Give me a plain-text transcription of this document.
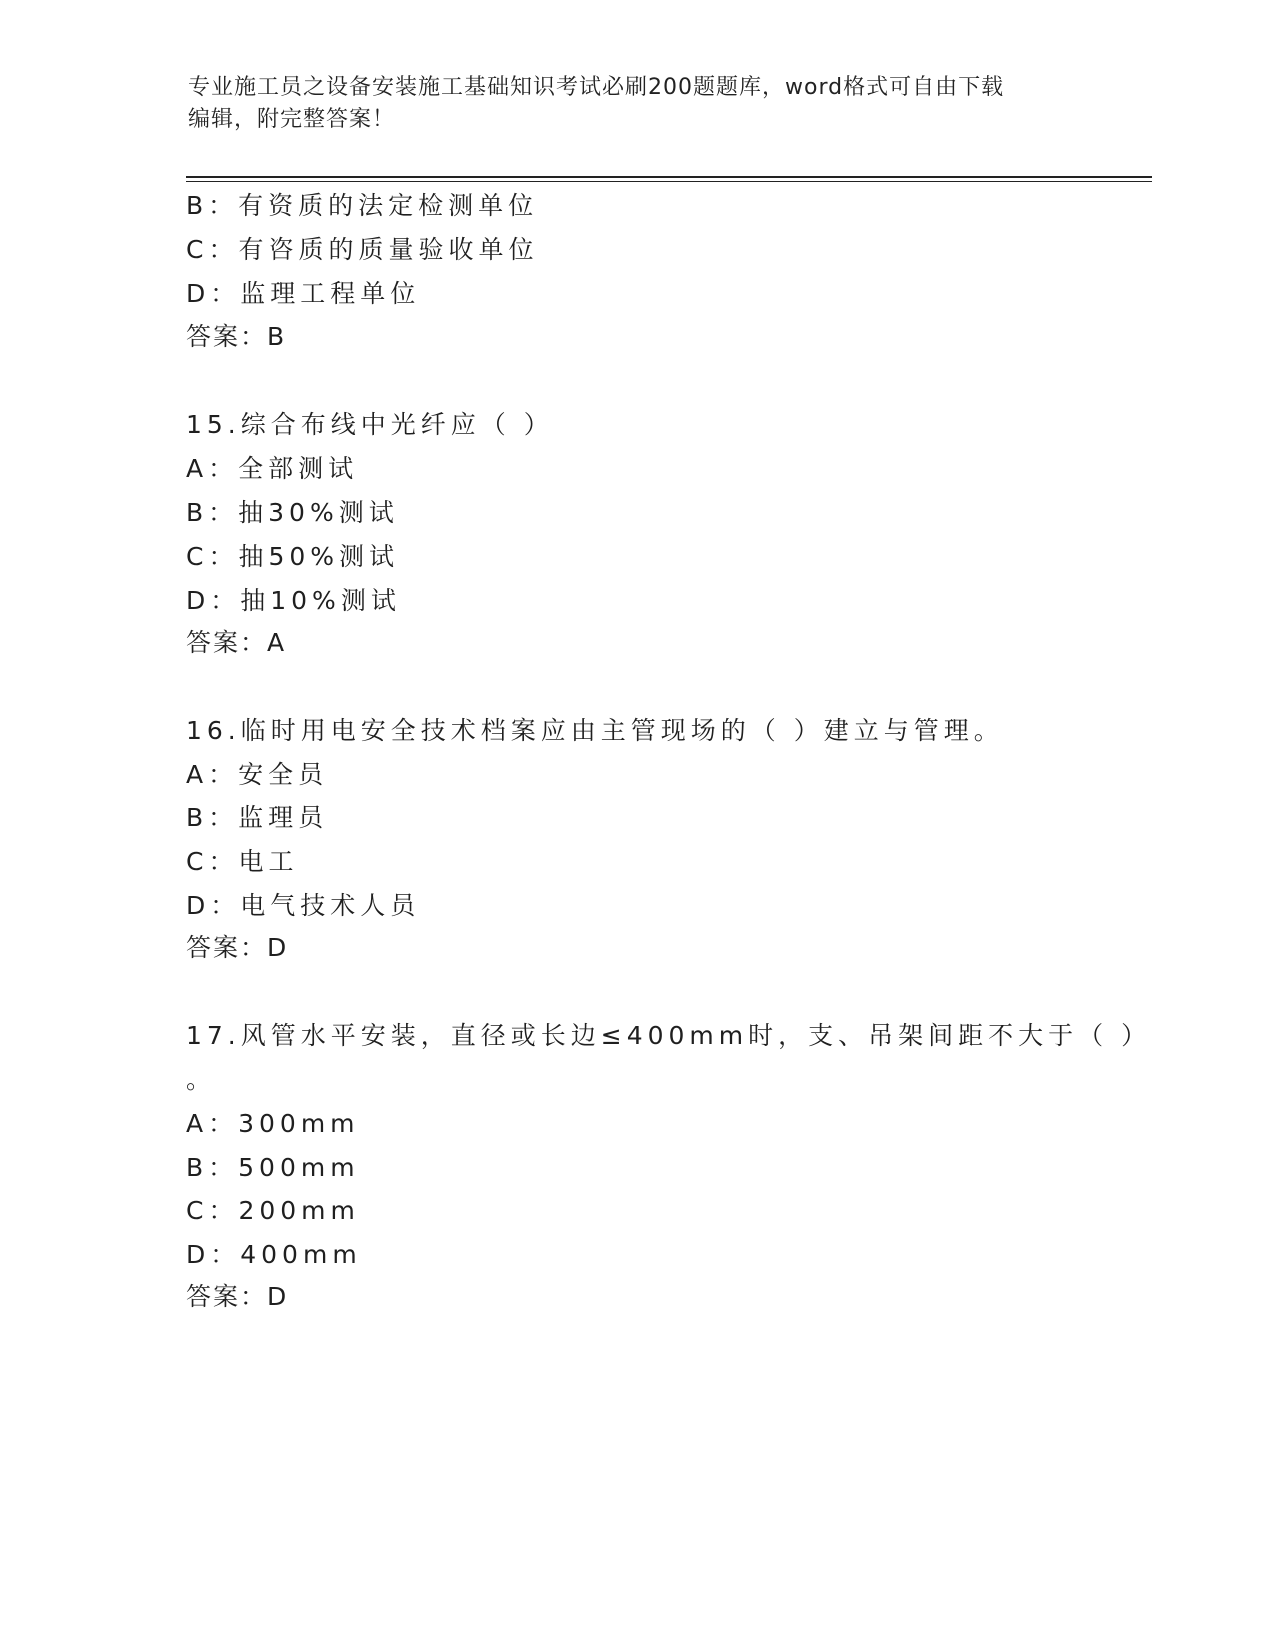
专业施工员之设备安装施工基础知识考试必刷200题题库，word格式可自由下载
编辑，附完整答案！
B：有资质的法定检测单位
C：有咨质的质量验收单位
D：监理工程单位
答案：B
15.综合布线中光纤应（ ）
A：全部测试
B：抽30%测试
C：抽50%测试
D：抽10%测试
答案：A
16.临时用电安全技术档案应由主管现场的（ ）建立与管理。
A：安全员
B：监理员
C：电工
D：电气技术人员
答案：D
17.风管水平安装，直径或长边≤400mm时，支、吊架间距不大于（ ）
。
A：300mm
B：500mm
C：200mm
D：400mm
答案：D
